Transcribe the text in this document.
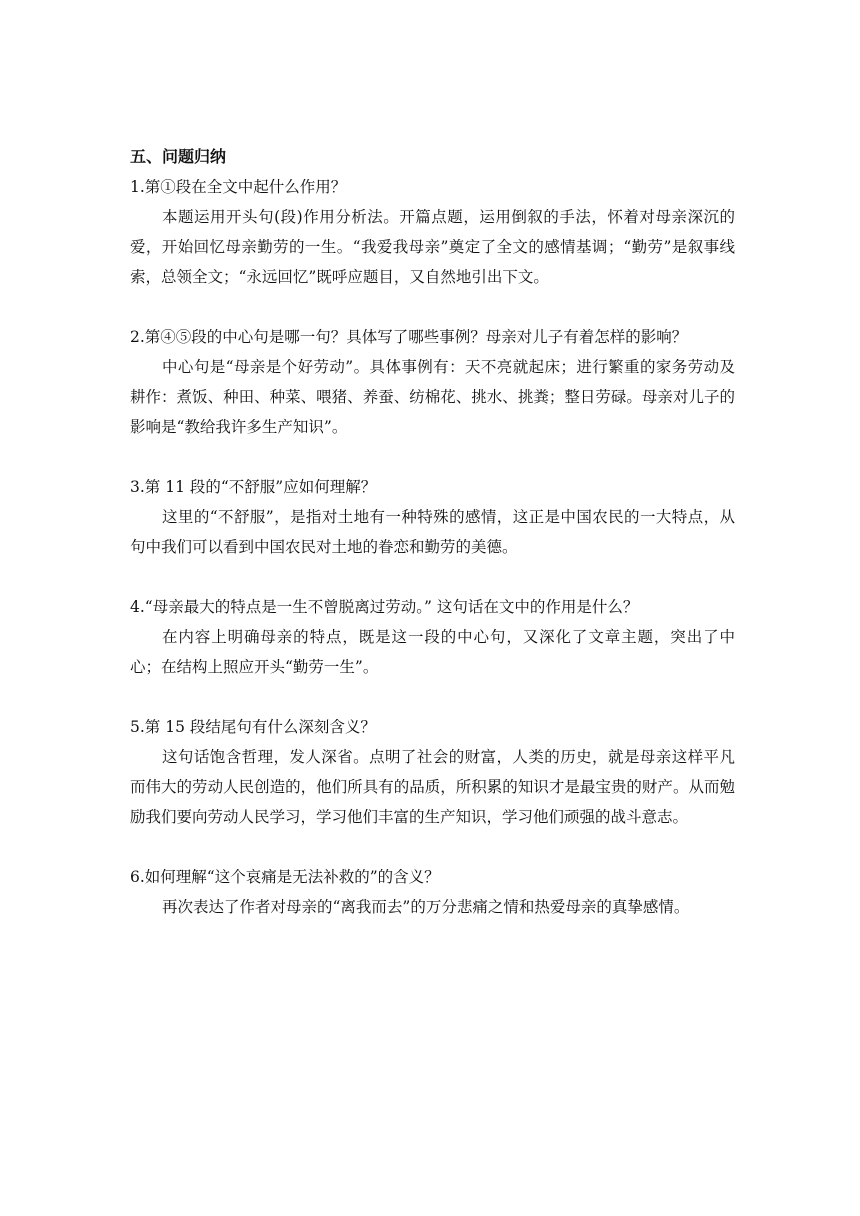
五、问题归纳

1.第①段在全文中起什么作用？

本题运用开头句(段)作用分析法。开篇点题，运用倒叙的手法，怀着对母亲深沉的爱，开始回忆母亲勤劳的一生。“我爱我母亲”奠定了全文的感情基调；“勤劳”是叙事线索，总领全文；“永远回忆”既呼应题目，又自然地引出下文。

2.第④⑤段的中心句是哪一句？具体写了哪些事例？母亲对儿子有着怎样的影响？

中心句是“母亲是个好劳动”。具体事例有：天不亮就起床；进行繁重的家务劳动及耕作：煮饭、种田、种菜、喂猪、养蚕、纺棉花、挑水、挑粪；整日劳碌。母亲对儿子的影响是“教给我许多生产知识”。

3.第 11 段的“不舒服”应如何理解？

这里的“不舒服”，是指对土地有一种特殊的感情，这正是中国农民的一大特点，从句中我们可以看到中国农民对土地的眷恋和勤劳的美德。

4.“母亲最大的特点是一生不曾脱离过劳动。” 这句话在文中的作用是什么？

在内容上明确母亲的特点，既是这一段的中心句，又深化了文章主题，突出了中心；在结构上照应开头“勤劳一生”。

5.第 15 段结尾句有什么深刻含义？

这句话饱含哲理，发人深省。点明了社会的财富，人类的历史，就是母亲这样平凡而伟大的劳动人民创造的，他们所具有的品质，所积累的知识才是最宝贵的财产。从而勉励我们要向劳动人民学习，学习他们丰富的生产知识，学习他们顽强的战斗意志。

6.如何理解“这个哀痛是无法补救的”的含义？

再次表达了作者对母亲的“离我而去”的万分悲痛之情和热爱母亲的真挚感情。
